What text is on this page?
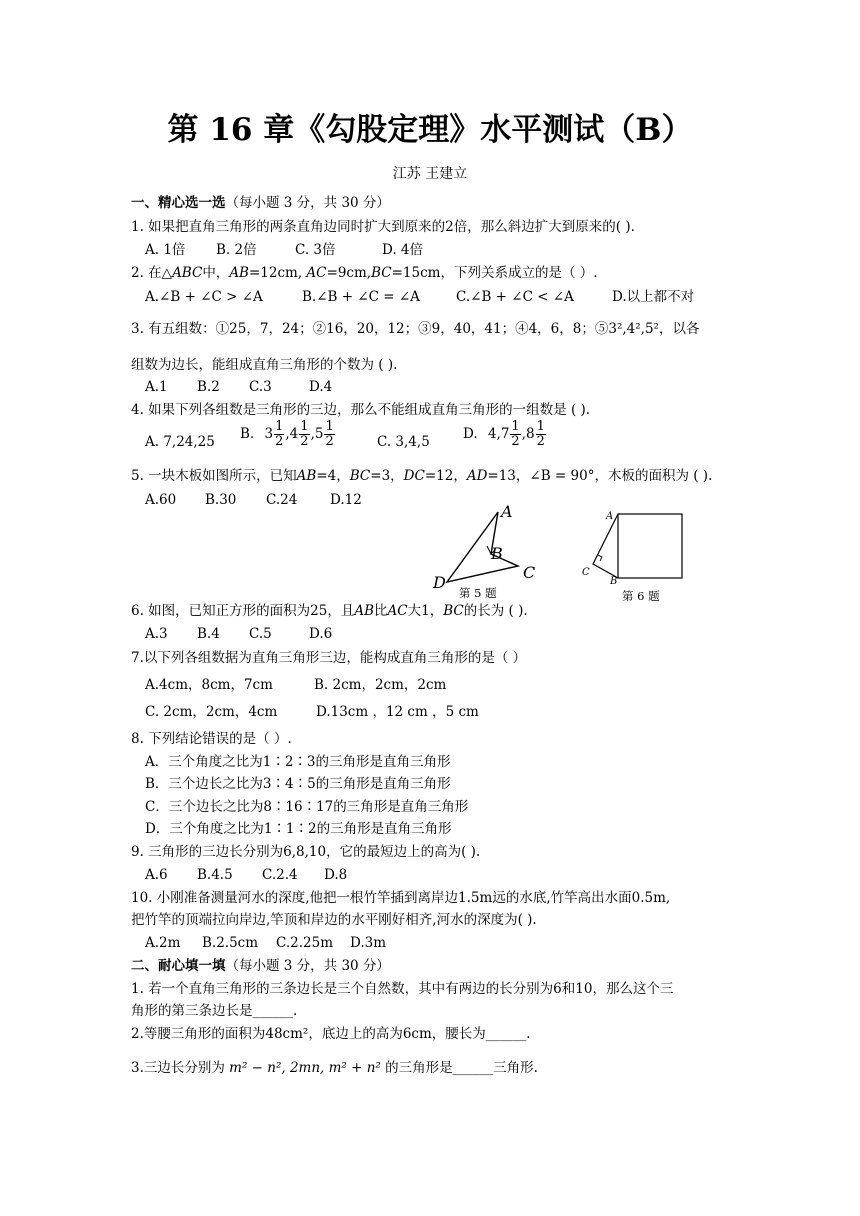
第 16 章《勾股定理》水平测试（B）
江苏 王建立
一、精心选一选（每小题 3 分，共 30 分）
1. 如果把直角三角形的两条直角边同时扩大到原来的2倍，那么斜边扩大到原来的( ).
A. 1倍 B. 2倍	C. 3倍	D. 4倍
2. 在△ABC中，AB=12cm, AC=9cm,BC=15cm，下列关系成立的是（ ）.
A.∠B + ∠C > ∠A	B.∠B + ∠C = ∠A	C.∠B + ∠C < ∠A	D.以上都不对
3. 有五组数：①25，7，24；②16，20，12；③9，40，41；④4，6，8；⑤3²,4²,5²，以各
组数为边长，能组成直角三角形的个数为 ( ).
A.1 B.2 C.3	D.4
4. 如果下列各组数是三角形的三边，那么不能组成直角三角形的一组数是 ( ).
A. 7,24,25 B. $3 \frac{1}{2} ,4 \frac{1}{2} ,5 \frac{1}{2}$	C. 3,4,5 D. $4,7 \frac{1}{2} ,8 \frac{1}{2}$
5. 一块木板如图所示，已知AB=4，BC=3，DC=12，AD=13，∠B = 90°，木板的面积为 ( ).
A.60 B.30 C.24 D.12
A
B
C
D
第 5 题
A
C
B
第 6 题
6. 如图，已知正方形的面积为25，且AB比AC大1，BC的长为 ( ).
A.3 B.4 C.5	D.6
7.以下列各组数据为直角三角形三边，能构成直角三角形的是（ ）
A.4cm，8cm，7cm	B. 2cm，2cm，2cm
C. 2cm，2cm，4cm	D.13cm ，12 cm ，5 cm
8. 下列结论错误的是（ ）.
A．三个角度之比为1∶2∶3的三角形是直角三角形
B．三个边长之比为3∶4∶5的三角形是直角三角形
C．三个边长之比为8∶16∶17的三角形是直角三角形
D．三个角度之比为1∶1∶2的三角形是直角三角形
9. 三角形的三边长分别为6,8,10，它的最短边上的高为( ).
A.6 B.4.5 C.2.4 D.8
10. 小刚准备测量河水的深度,他把一根竹竿插到离岸边1.5m远的水底,竹竿高出水面0.5m,
把竹竿的顶端拉向岸边,竿顶和岸边的水平刚好相齐,河水的深度为( ).
A.2m B.2.5cm C.2.25m D.3m
二、耐心填一填（每小题 3 分，共 30 分）
1. 若一个直角三角形的三条边长是三个自然数，其中有两边的长分别为6和10，那么这个三
角形的第三条边长是______.
2.等腰三角形的面积为48cm²，底边上的高为6cm，腰长为______.
3.三边长分别为 m² − n², 2mn, m² + n² 的三角形是______三角形.
